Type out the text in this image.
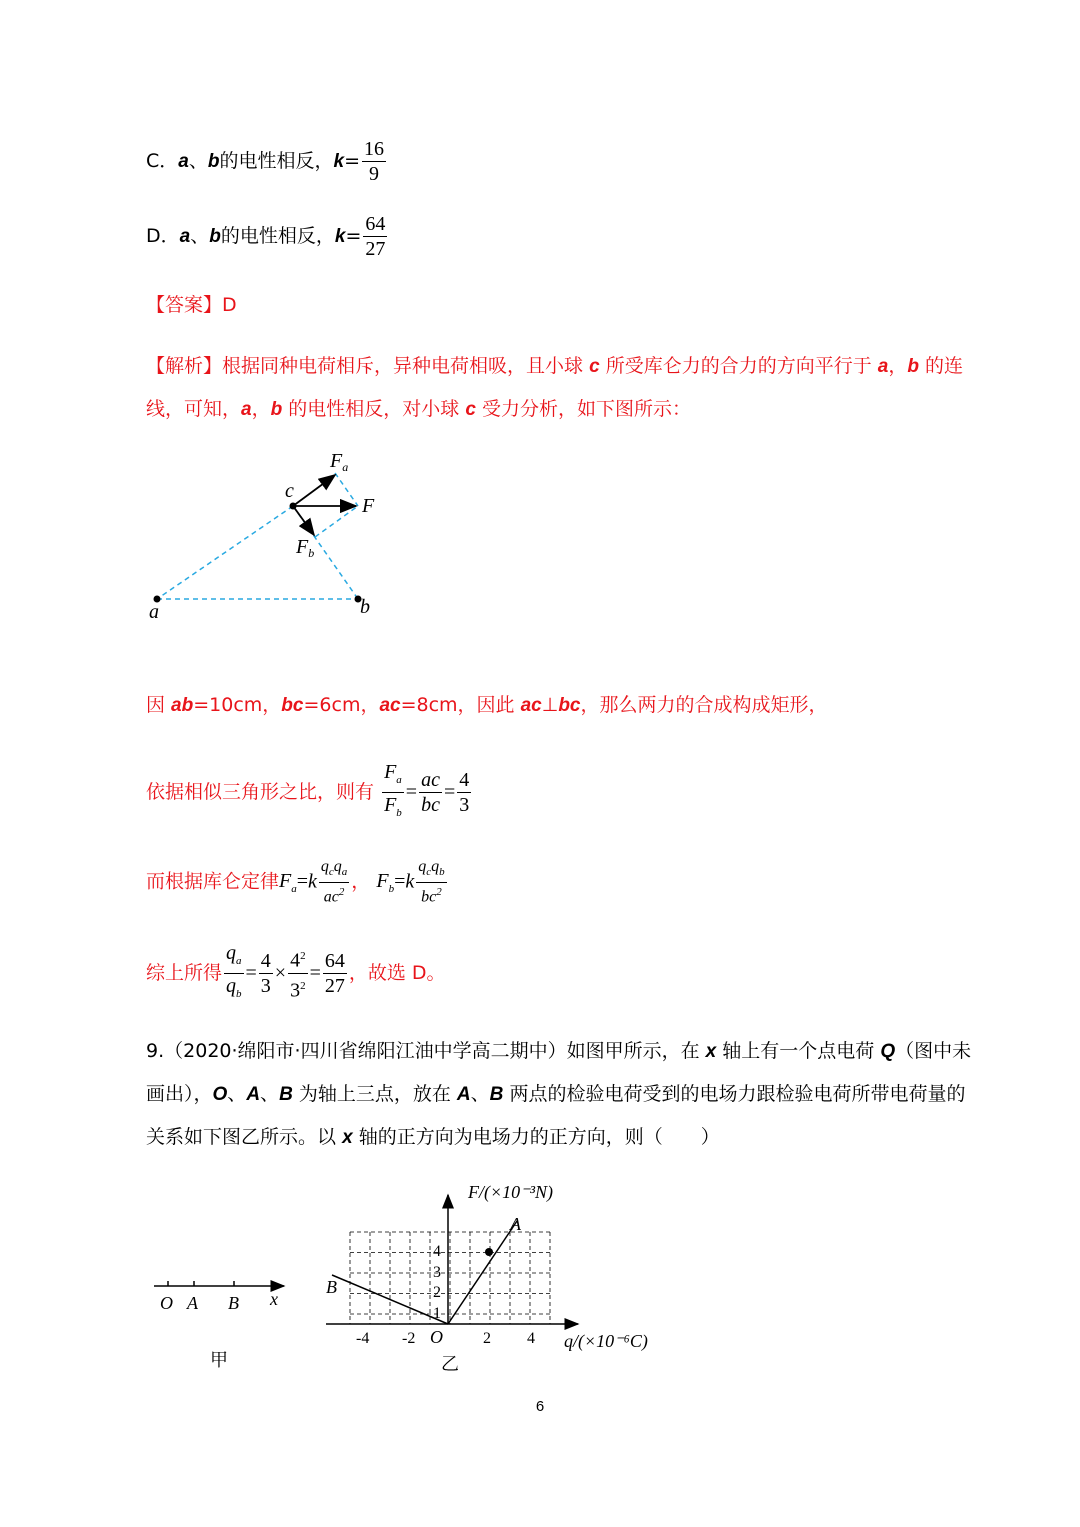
C．a、b的电性相反，$k= \frac{16}{9}$
D．a、b的电性相反，$k= \frac{64}{27}$
【答案】D
【解析】根据同种电荷相斥，异种电荷相吸，且小球 c 所受库仑力的合力的方向平行于 a，b 的连
线，可知，a，b 的电性相反，对小球 c 受力分析，如下图所示：
$F_a$
F
$F_b$
c
a	b
因 ab=10cm，bc=6cm，ac=8cm，因此 ac⊥bc，那么两力的合成构成矩形，
依据相似三角形之比，则有 $\frac{F_a}{F_b} = \frac{ac}{bc} = \frac{4}{3}$
而根据库仑定律$F_a=k \frac{q_cq_a}{ac^2}$ ， $F_b=k \frac{q_cq_b}{bc^2}$
综上所得 $\frac{q_a}{q_b} = \frac{4}{3} \times \frac{4^2}{3^2} = \frac{64}{27}$ ，故选 D。
9.（2020·绵阳市·四川省绵阳江油中学高二期中）如图甲所示，在 x 轴上有一个点电荷 Q（图中未
画出），O、A、B 为轴上三点，放在 A、B 两点的检验电荷受到的电场力跟检验电荷所带电荷量的
关系如下图乙所示。以 x 轴的正方向为电场力的正方向，则（　　）
O A B x
甲
F/(×10⁻³N)
q/(×10⁻⁶C)
A
B
O
-4 -2	2 4
1
2
3
4
乙
6
